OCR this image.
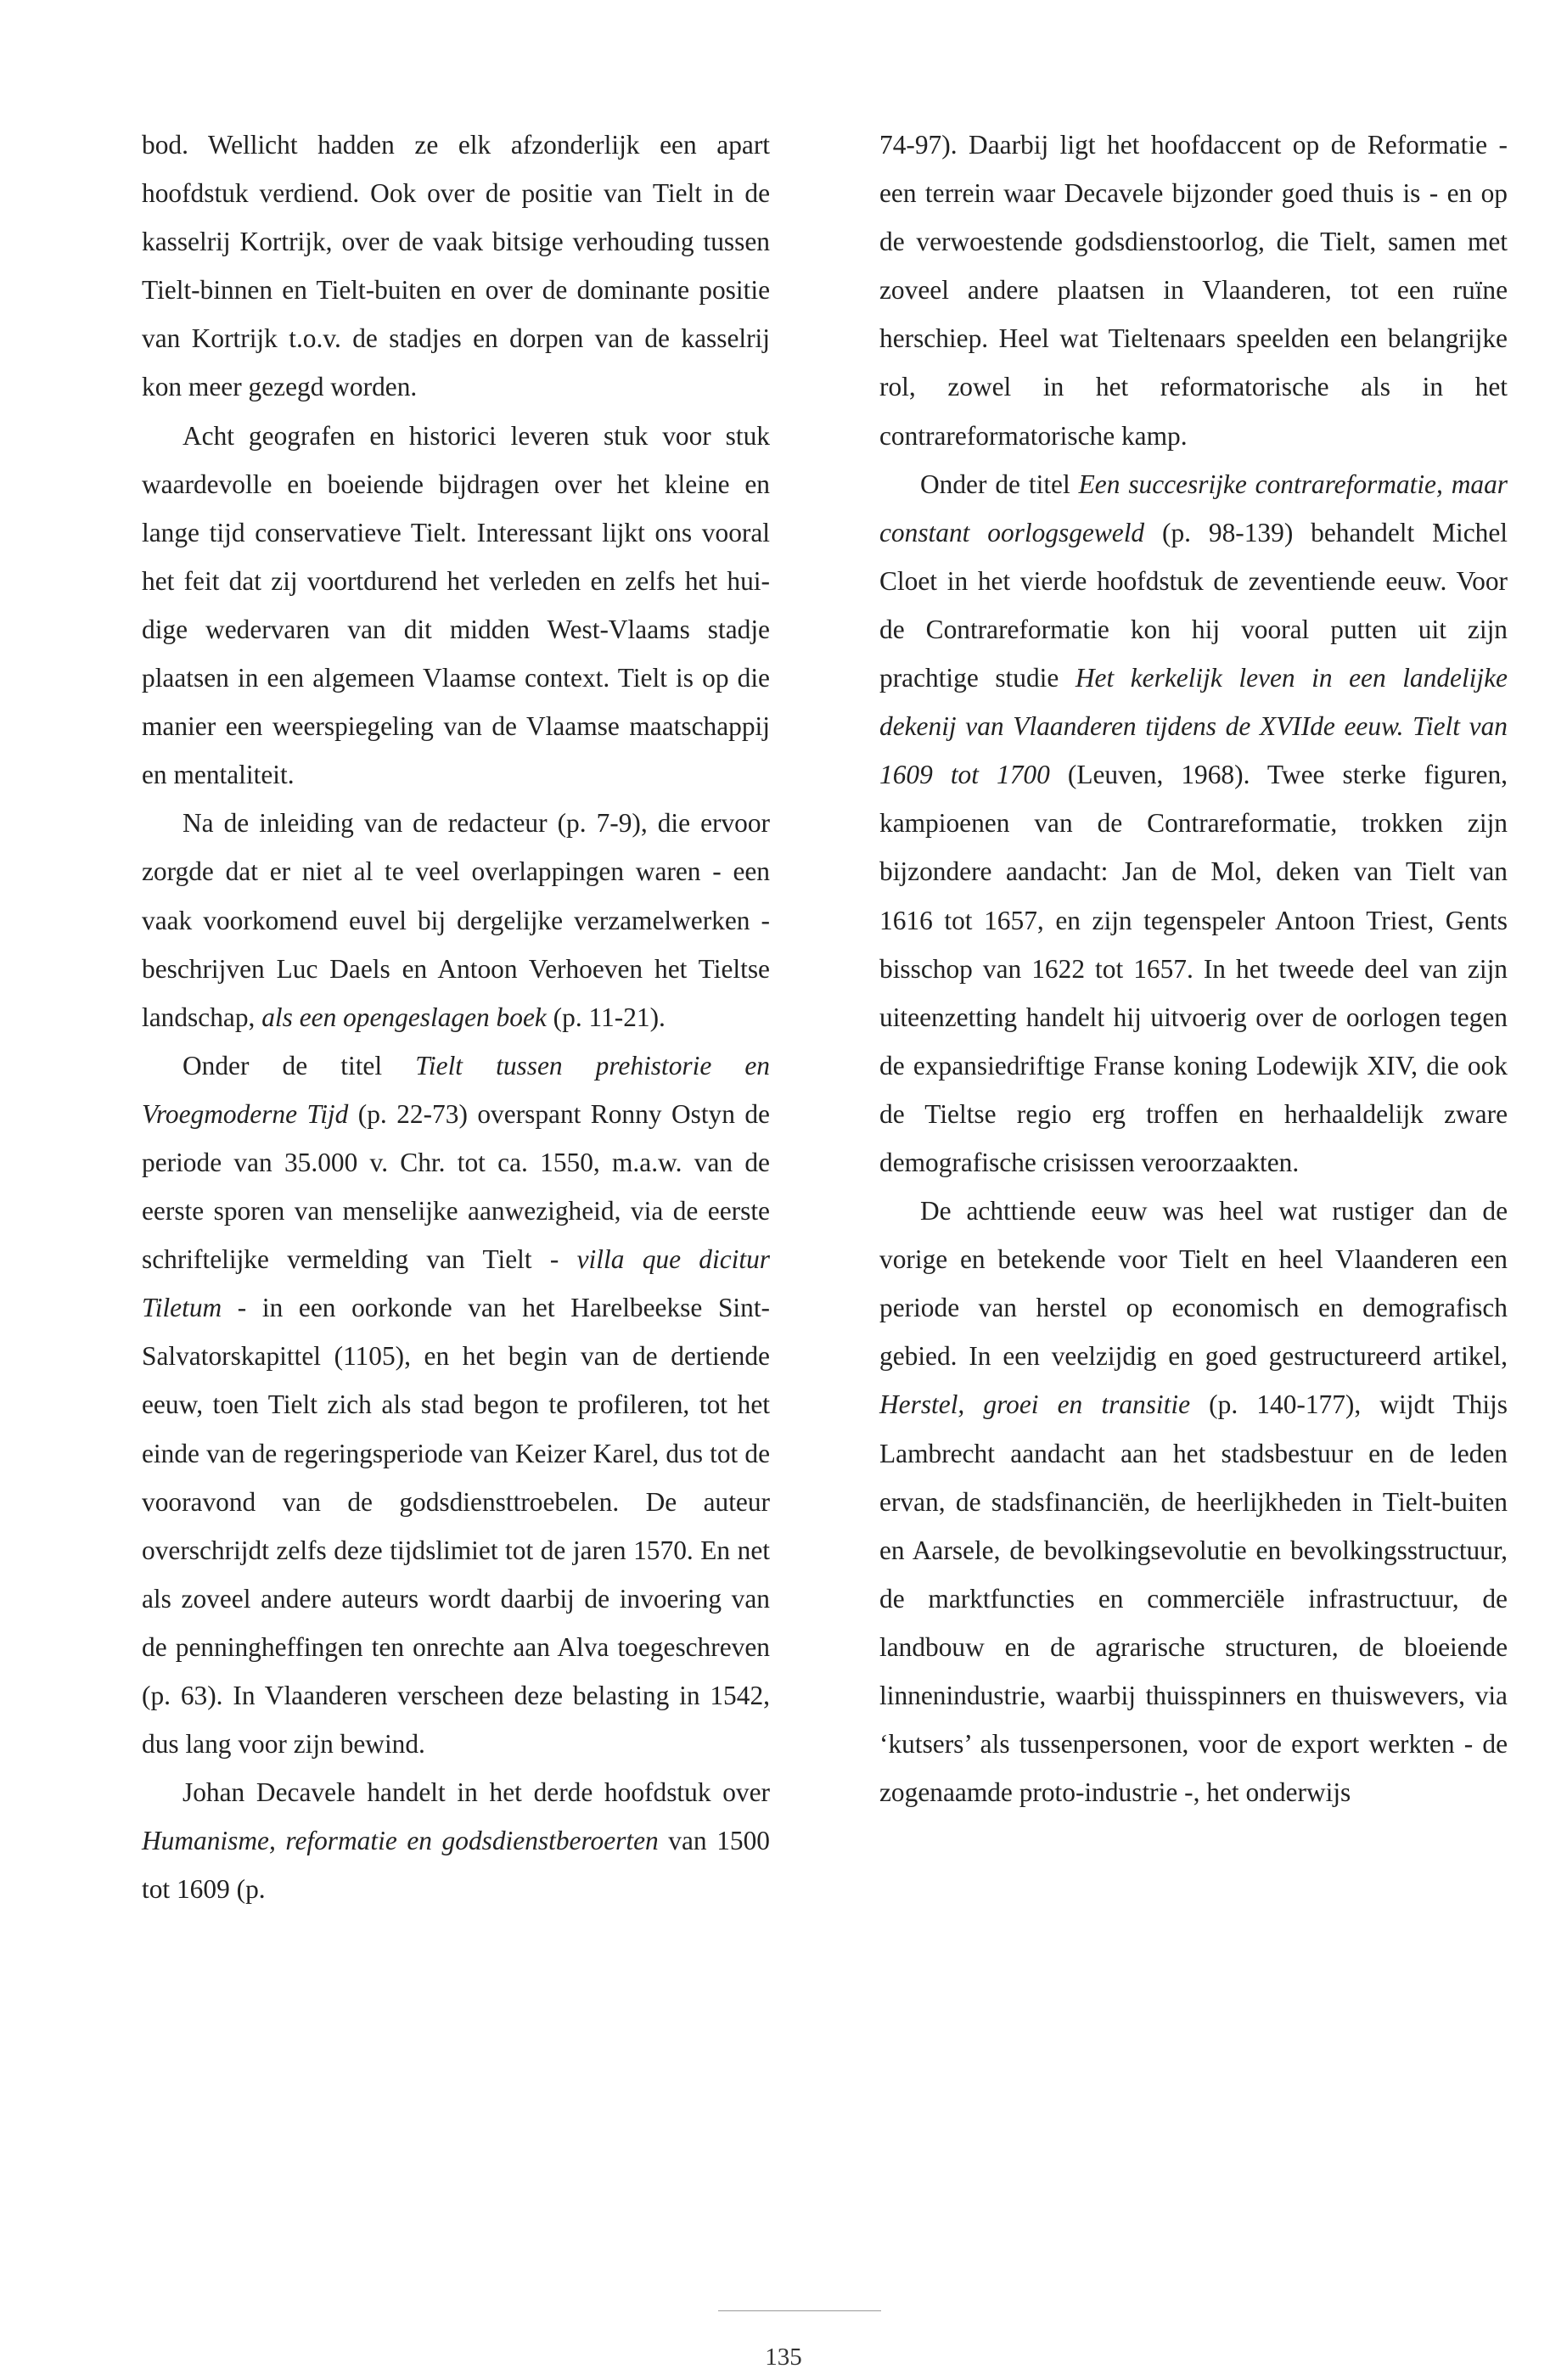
bod. Wellicht hadden ze elk afzonderlijk een apart hoofdstuk verdiend. Ook over de positie van Tielt in de kasselrij Kortrijk, over de vaak bitsige verhouding tussen Tielt-binnen en Tielt-buiten en over de dominante positie van Kortrijk t.o.v. de stadjes en dorpen van de kasselrij kon meer gezegd worden.

Acht geografen en historici leveren stuk voor stuk waardevolle en boeiende bijdragen over het kleine en lange tijd conservatieve Tielt. Interessant lijkt ons vooral het feit dat zij voortdurend het verleden en zelfs het huidige wedervaren van dit midden West-Vlaams stadje plaatsen in een algemeen Vlaamse context. Tielt is op die manier een weerspiegeling van de Vlaamse maatschappij en mentaliteit.

Na de inleiding van de redacteur (p. 7-9), die ervoor zorgde dat er niet al te veel overlappingen waren - een vaak voorkomend euvel bij dergelijke verzamelwerken - beschrijven Luc Daels en Antoon Verhoeven het Tieltse landschap, als een opengeslagen boek (p. 11-21).

Onder de titel Tielt tussen prehistorie en Vroegmoderne Tijd (p. 22-73) overspant Ronny Ostyn de periode van 35.000 v. Chr. tot ca. 1550, m.a.w. van de eerste sporen van menselijke aanwezigheid, via de eerste schriftelijke vermelding van Tielt - villa que dicitur Tiletum - in een oorkonde van het Harelbeekse Sint-Salvatorskapittel (1105), en het begin van de dertiende eeuw, toen Tielt zich als stad begon te profileren, tot het einde van de regeringsperiode van Keizer Karel, dus tot de vooravond van de godsdiensttroebelen. De auteur overschrijdt zelfs deze tijdslimiet tot de jaren 1570. En net als zoveel andere auteurs wordt daarbij de invoering van de penningheffingen ten onrechte aan Alva toegeschreven (p. 63). In Vlaanderen verscheen deze belasting in 1542, dus lang voor zijn bewind.

Johan Decavele handelt in het derde hoofdstuk over Humanisme, reformatie en godsdienstberoerten van 1500 tot 1609 (p.

74-97). Daarbij ligt het hoofdaccent op de Reformatie - een terrein waar Decavele bijzonder goed thuis is - en op de verwoestende godsdienstoorlog, die Tielt, samen met zoveel andere plaatsen in Vlaanderen, tot een ruïne herschiep. Heel wat Tieltenaars speelden een belangrijke rol, zowel in het reformatorische als in het contrareformatorische kamp.

Onder de titel Een succesrijke contrareformatie, maar constant oorlogsgeweld (p. 98-139) behandelt Michel Cloet in het vierde hoofdstuk de zeventiende eeuw. Voor de Contrareformatie kon hij vooral putten uit zijn prachtige studie Het kerkelijk leven in een landelijke dekenij van Vlaanderen tijdens de XVIIde eeuw. Tielt van 1609 tot 1700 (Leuven, 1968). Twee sterke figuren, kampioenen van de Contrareformatie, trokken zijn bijzondere aandacht: Jan de Mol, deken van Tielt van 1616 tot 1657, en zijn tegenspeler Antoon Triest, Gents bisschop van 1622 tot 1657. In het tweede deel van zijn uiteenzetting handelt hij uitvoerig over de oorlogen tegen de expansiedriftige Franse koning Lodewijk XIV, die ook de Tieltse regio erg troffen en herhaaldelijk zware demografische crisissen veroorzaakten.

De achttiende eeuw was heel wat rustiger dan de vorige en betekende voor Tielt en heel Vlaanderen een periode van herstel op economisch en demografisch gebied. In een veelzijdig en goed gestructureerd artikel, Herstel, groei en transitie (p. 140-177), wijdt Thijs Lambrecht aandacht aan het stadsbestuur en de leden ervan, de stadsfinanciën, de heerlijkheden in Tielt-buiten en Aarsele, de bevolkingsevolutie en bevolkingsstructuur, de marktfuncties en commerciële infrastructuur, de landbouw en de agrarische structuren, de bloeiende linnenindustrie, waarbij thuisspinners en thuiswevers, via ‘kutsers’ als tussenpersonen, voor de export werkten - de zogenaamde proto-industrie -, het onderwijs

135
